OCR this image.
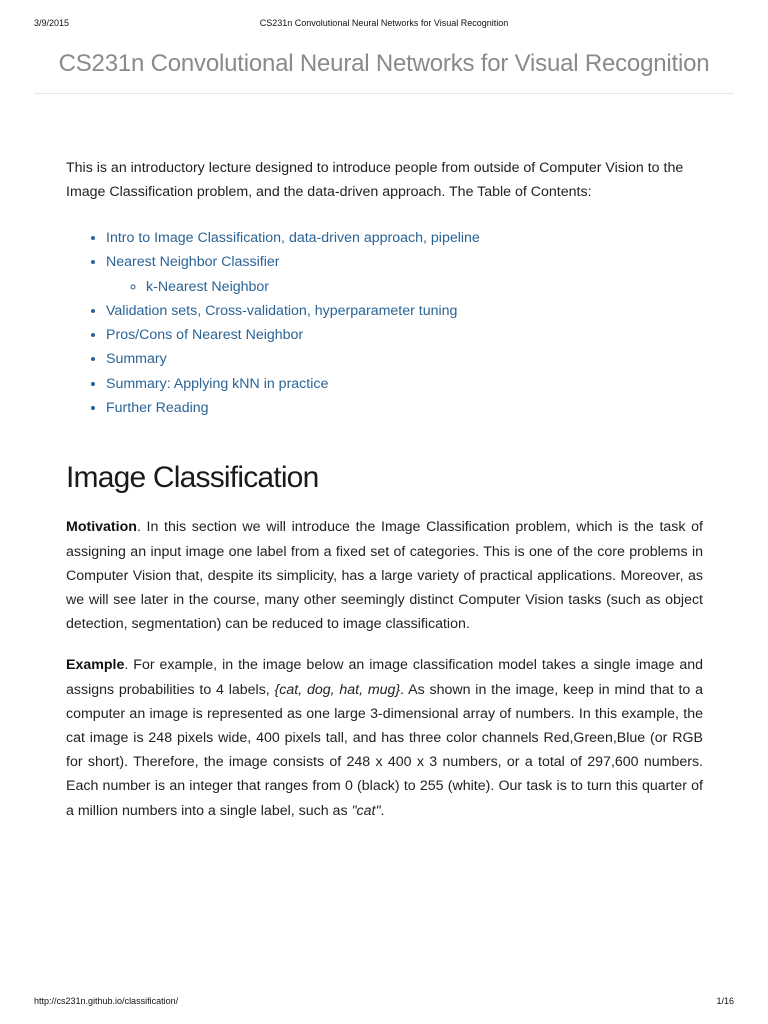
3/9/2015	CS231n Convolutional Neural Networks for Visual Recognition
CS231n Convolutional Neural Networks for Visual Recognition

This is an introductory lecture designed to introduce people from outside of Computer Vision to the Image Classification problem, and the data-driven approach. The Table of Contents:

• Intro to Image Classification, data-driven approach, pipeline
• Nearest Neighbor Classifier
◦ k-Nearest Neighbor
• Validation sets, Cross-validation, hyperparameter tuning
• Pros/Cons of Nearest Neighbor
• Summary
• Summary: Applying kNN in practice
• Further Reading
Image Classification

Motivation. In this section we will introduce the Image Classification problem, which is the task of assigning an input image one label from a fixed set of categories. This is one of the core problems in Computer Vision that, despite its simplicity, has a large variety of practical applications. Moreover, as we will see later in the course, many other seemingly distinct Computer Vision tasks (such as object detection, segmentation) can be reduced to image classification.

Example. For example, in the image below an image classification model takes a single image and assigns probabilities to 4 labels, {cat, dog, hat, mug}. As shown in the image, keep in mind that to a computer an image is represented as one large 3-dimensional array of numbers. In this example, the cat image is 248 pixels wide, 400 pixels tall, and has three color channels Red,Green,Blue (or RGB for short). Therefore, the image consists of 248 x 400 x 3 numbers, or a total of 297,600 numbers. Each number is an integer that ranges from 0 (black) to 255 (white). Our task is to turn this quarter of a million numbers into a single label, such as "cat".

http://cs231n.github.io/classification/	1/16
